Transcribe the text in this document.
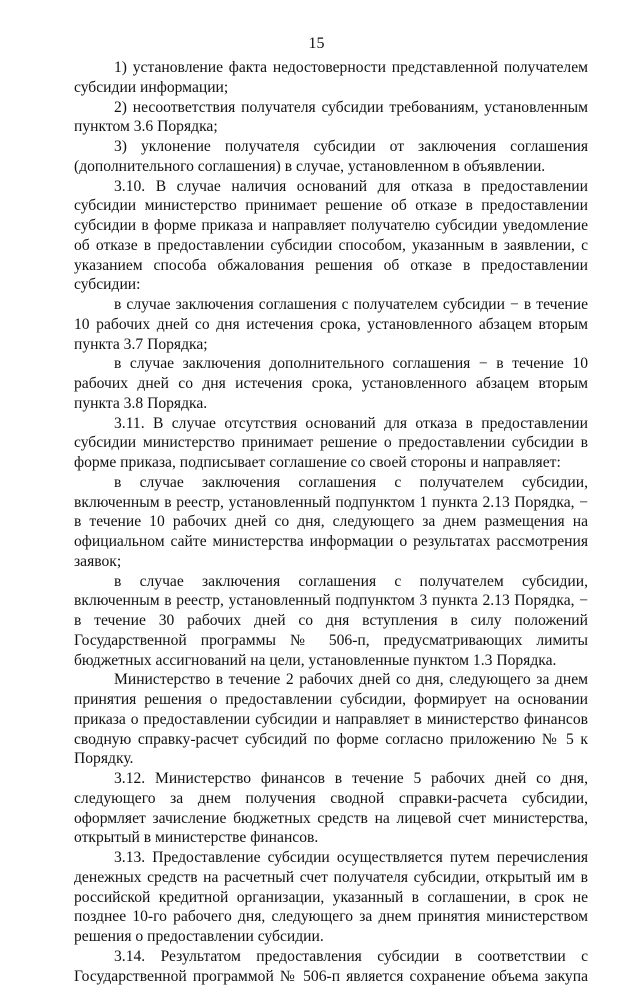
15

1) установление факта недостоверности представленной получателем субсидии информации;

2) несоответствия получателя субсидии требованиям, установленным пунктом 3.6 Порядка;

3) уклонение получателя субсидии от заключения соглашения (дополнительного соглашения) в случае, установленном в объявлении.

3.10. В случае наличия оснований для отказа в предоставлении субсидии министерство принимает решение об отказе в предоставлении субсидии в форме приказа и направляет получателю субсидии уведомление об отказе в предоставлении субсидии способом, указанным в заявлении, с указанием способа обжалования решения об отказе в предоставлении субсидии:

в случае заключения соглашения с получателем субсидии − в течение 10 рабочих дней со дня истечения срока, установленного абзацем вторым пункта 3.7 Порядка;

в случае заключения дополнительного соглашения − в течение 10 рабочих дней со дня истечения срока, установленного абзацем вторым пункта 3.8 Порядка.

3.11. В случае отсутствия оснований для отказа в предоставлении субсидии министерство принимает решение о предоставлении субсидии в форме приказа, подписывает соглашение со своей стороны и направляет:

в случае заключения соглашения с получателем субсидии, включенным в реестр, установленный подпунктом 1 пункта 2.13 Порядка, − в течение 10 рабочих дней со дня, следующего за днем размещения на официальном сайте министерства информации о результатах рассмотрения заявок;

в случае заключения соглашения с получателем субсидии, включенным в реестр, установленный подпунктом 3 пункта 2.13 Порядка, − в течение 30 рабочих дней со дня вступления в силу положений Государственной программы № 506-п, предусматривающих лимиты бюджетных ассигнований на цели, установленные пунктом 1.3 Порядка.

Министерство в течение 2 рабочих дней со дня, следующего за днем принятия решения о предоставлении субсидии, формирует на основании приказа о предоставлении субсидии и направляет в министерство финансов сводную справку-расчет субсидий по форме согласно приложению № 5 к Порядку.

3.12. Министерство финансов в течение 5 рабочих дней со дня, следующего за днем получения сводной справки-расчета субсидии, оформляет зачисление бюджетных средств на лицевой счет министерства, открытый в министерстве финансов.

3.13. Предоставление субсидии осуществляется путем перечисления денежных средств на расчетный счет получателя субсидии, открытый им в российской кредитной организации, указанный в соглашении, в срок не позднее 10-го рабочего дня, следующего за днем принятия министерством решения о предоставлении субсидии.

3.14. Результатом предоставления субсидии в соответствии с Государственной программой № 506-п является сохранение объема закупа
